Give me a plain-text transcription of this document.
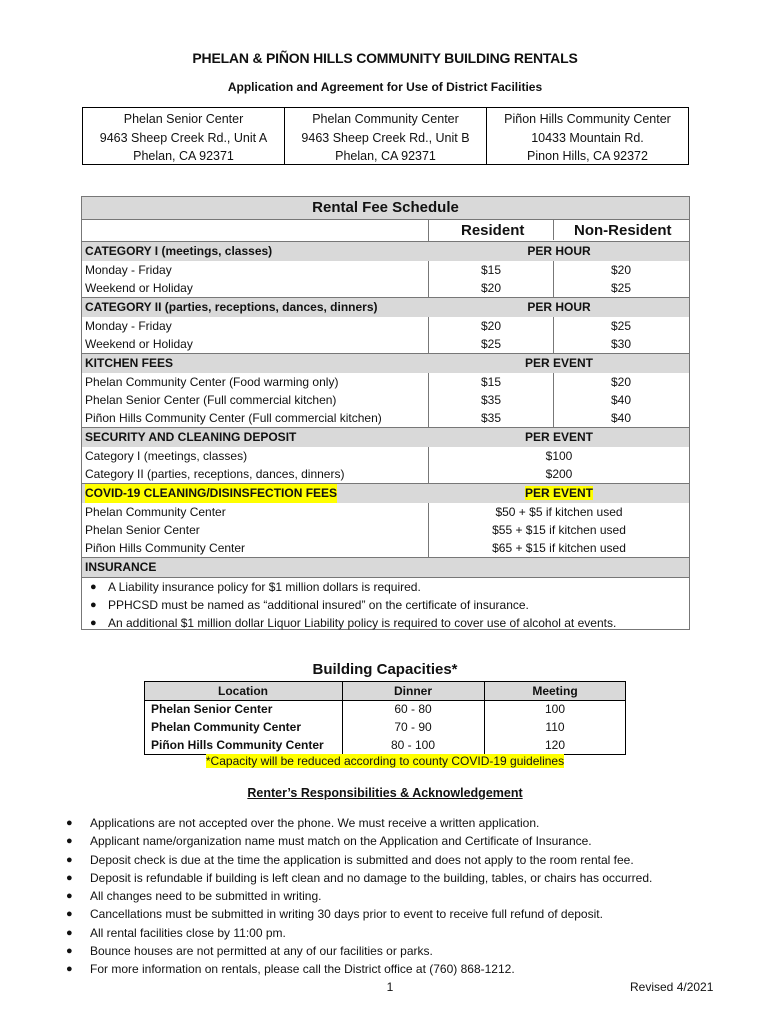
PHELAN & PIÑON HILLS COMMUNITY BUILDING RENTALS
Application and Agreement for Use of District Facilities
Phelan Senior Center
9463 Sheep Creek Rd., Unit A
Phelan, CA 92371
Phelan Community Center
9463 Sheep Creek Rd., Unit B
Phelan, CA 92371
Piñon Hills Community Center
10433 Mountain Rd.
Pinon Hills, CA 92372
Rental Fee Schedule
Resident	Non-Resident
CATEGORY I (meetings, classes)	PER HOUR
Monday - Friday	$15	$20
Weekend or Holiday	$20	$25
CATEGORY II (parties, receptions, dances, dinners)	PER HOUR
Monday - Friday	$20	$25
Weekend or Holiday	$25	$30
KITCHEN FEES	PER EVENT
Phelan Community Center (Food warming only)	$15	$20
Phelan Senior Center (Full commercial kitchen)	$35	$40
Piñon Hills Community Center (Full commercial kitchen)	$35	$40
SECURITY AND CLEANING DEPOSIT	PER EVENT
Category I (meetings, classes)	$100
Category II (parties, receptions, dances, dinners)	$200
COVID-19 CLEANING/DISINSFECTION FEES	PER EVENT
Phelan Community Center	$50 + $5 if kitchen used
Phelan Senior Center	$55 + $15 if kitchen used
Piñon Hills Community Center	$65 + $15 if kitchen used
INSURANCE
● A Liability insurance policy for $1 million dollars is required.
● PPHCSD must be named as “additional insured” on the certificate of insurance.
● An additional $1 million dollar Liquor Liability policy is required to cover use of alcohol at events.
Building Capacities*
Location	Dinner	Meeting
Phelan Senior Center	60 - 80	100
Phelan Community Center	70 - 90	110
Piñon Hills Community Center	80 - 100	120
*Capacity will be reduced according to county COVID-19 guidelines
Renter’s Responsibilities & Acknowledgement
● Applications are not accepted over the phone. We must receive a written application.
● Applicant name/organization name must match on the Application and Certificate of Insurance.
● Deposit check is due at the time the application is submitted and does not apply to the room rental fee.
● Deposit is refundable if building is left clean and no damage to the building, tables, or chairs has occurred.
● All changes need to be submitted in writing.
● Cancellations must be submitted in writing 30 days prior to event to receive full refund of deposit.
● All rental facilities close by 11:00 pm.
● Bounce houses are not permitted at any of our facilities or parks.
● For more information on rentals, please call the District office at (760) 868-1212.
1	Revised 4/2021
